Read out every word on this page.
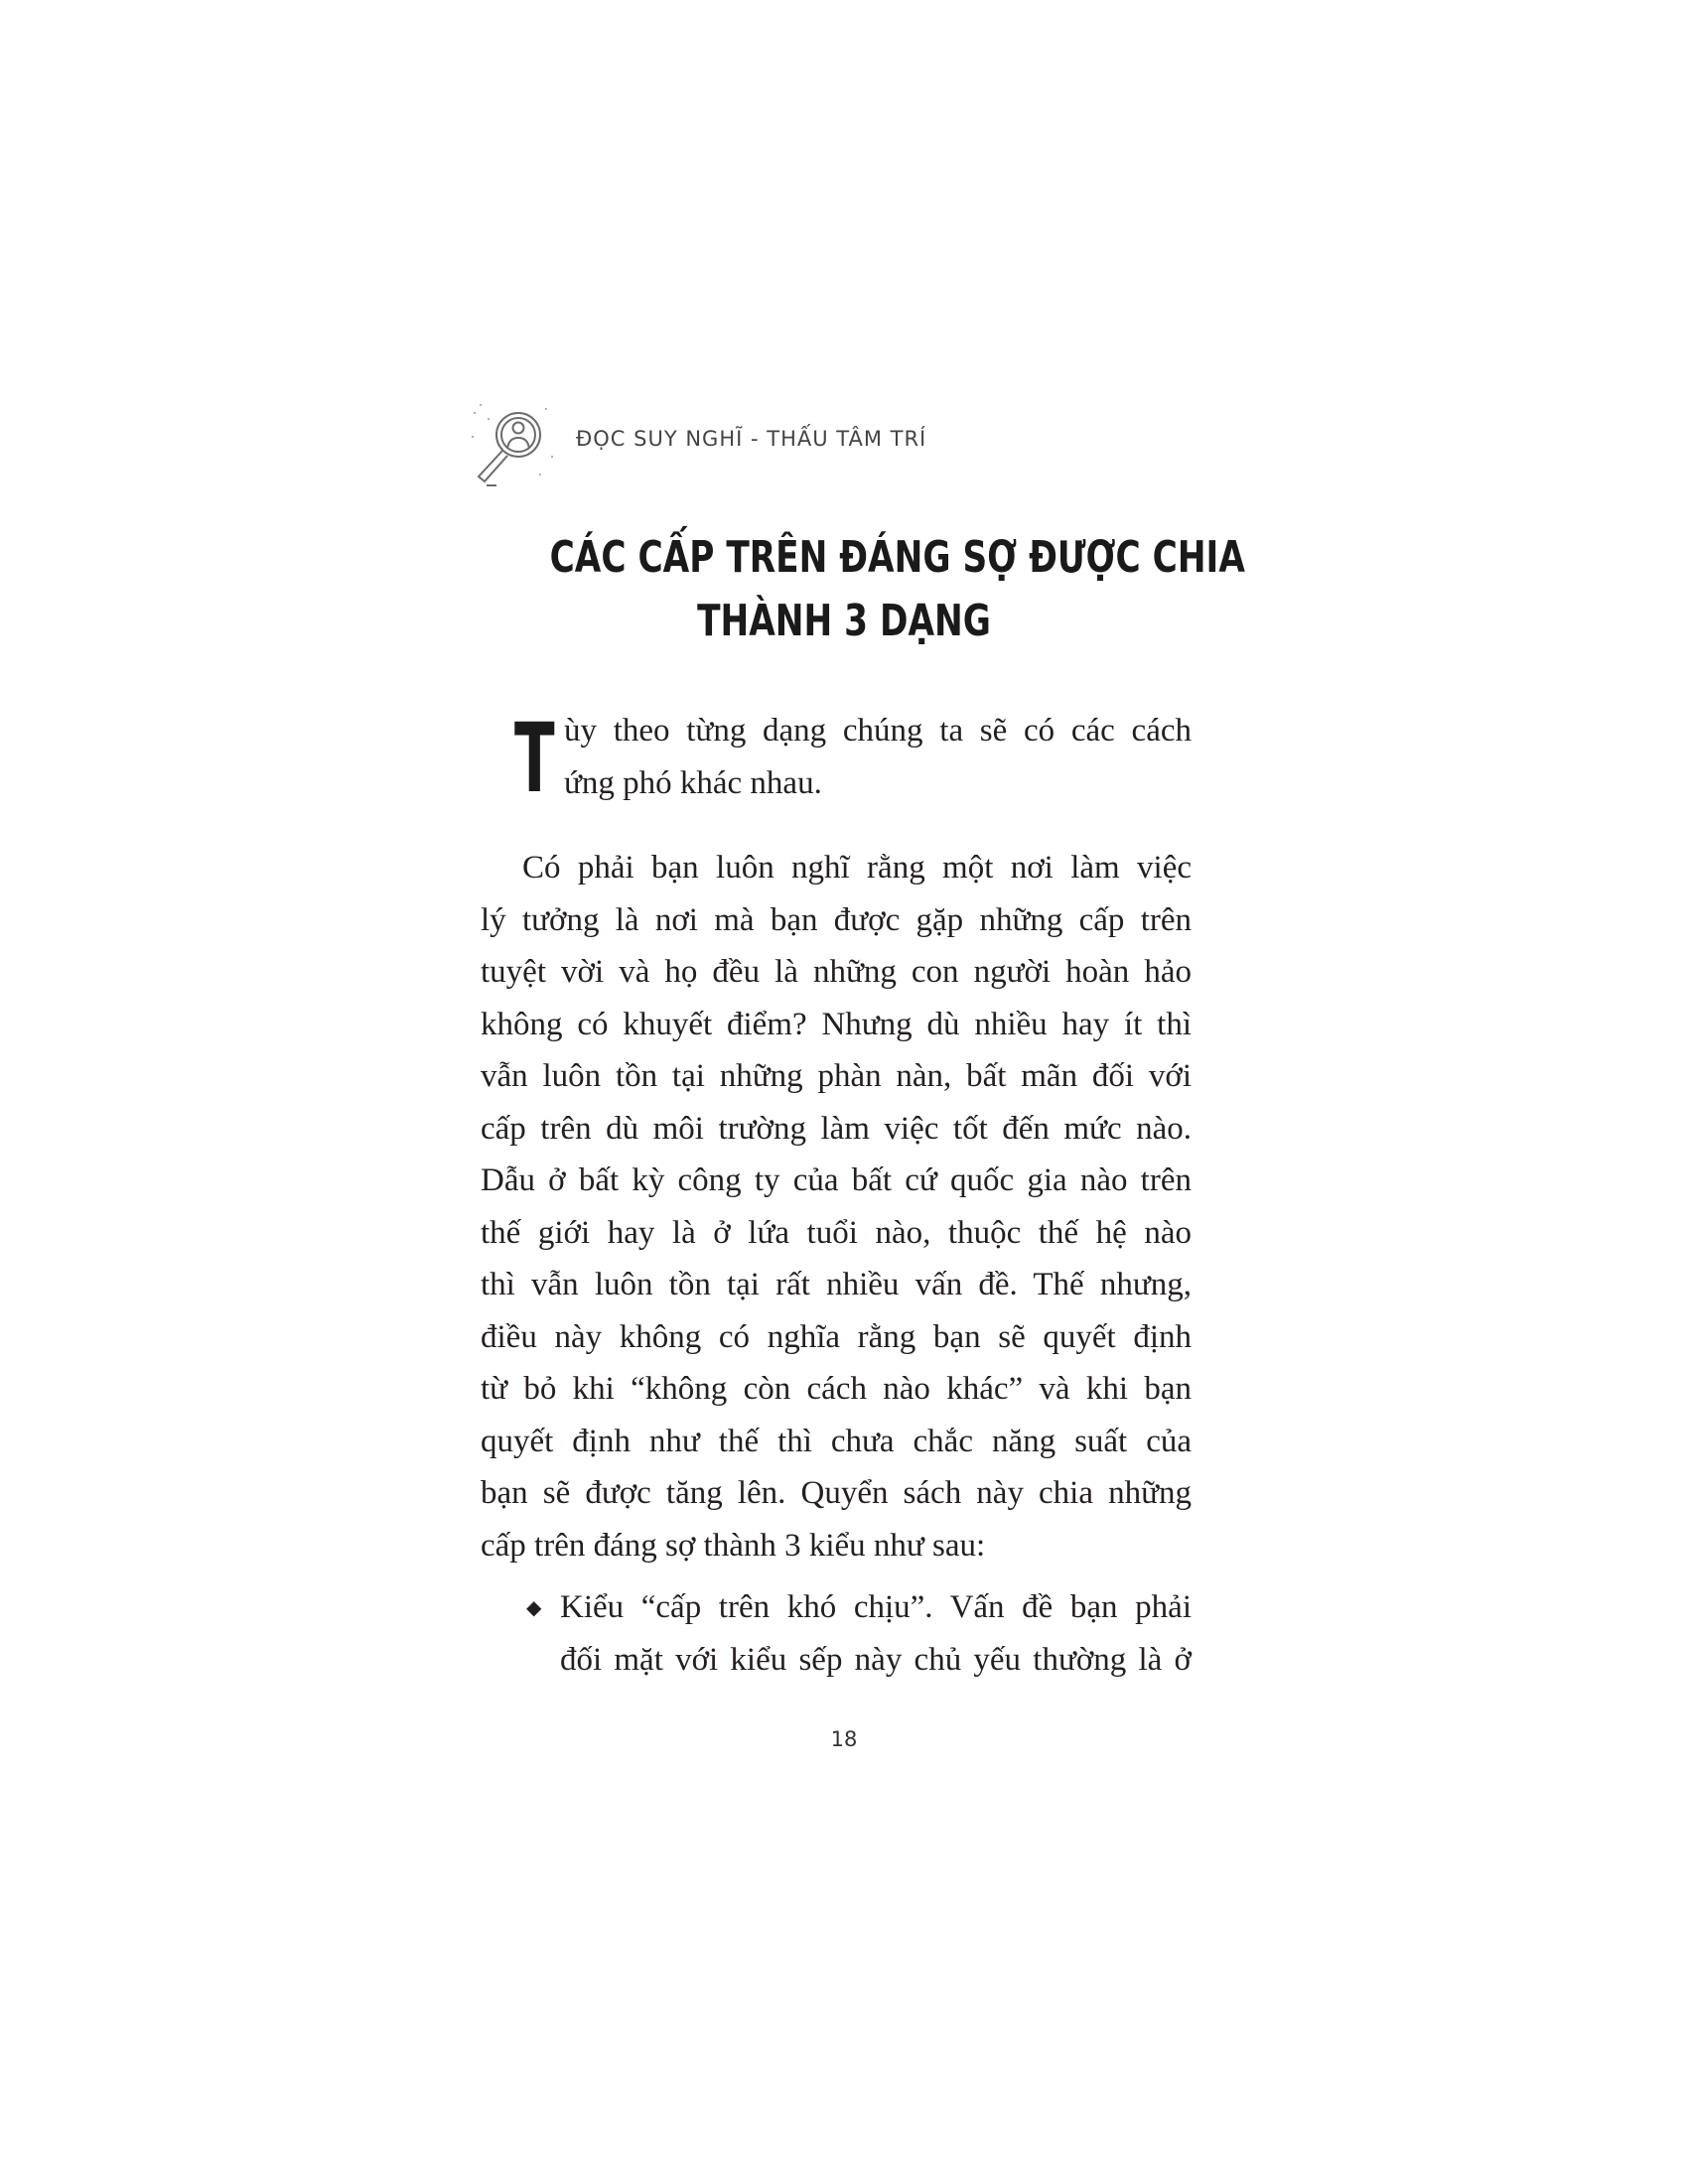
ĐỌC SUY NGHĨ - THẤU TÂM TRÍ
CÁC CẤP TRÊN ĐÁNG SỢ ĐƯỢC CHIA
THÀNH 3 DẠNG
T ùy theo từng dạng chúng ta sẽ có các cách
ứng phó khác nhau.
Có phải bạn luôn nghĩ rằng một nơi làm việc
lý tưởng là nơi mà bạn được gặp những cấp trên
tuyệt vời và họ đều là những con người hoàn hảo
không có khuyết điểm? Nhưng dù nhiều hay ít thì
vẫn luôn tồn tại những phàn nàn, bất mãn đối với
cấp trên dù môi trường làm việc tốt đến mức nào.
Dẫu ở bất kỳ công ty của bất cứ quốc gia nào trên
thế giới hay là ở lứa tuổi nào, thuộc thế hệ nào
thì vẫn luôn tồn tại rất nhiều vấn đề. Thế nhưng,
điều này không có nghĩa rằng bạn sẽ quyết định
từ bỏ khi “không còn cách nào khác” và khi bạn
quyết định như thế thì chưa chắc năng suất của
bạn sẽ được tăng lên. Quyển sách này chia những
cấp trên đáng sợ thành 3 kiểu như sau:
◆ Kiểu “cấp trên khó chịu”. Vấn đề bạn phải
đối mặt với kiểu sếp này chủ yếu thường là ở
18
